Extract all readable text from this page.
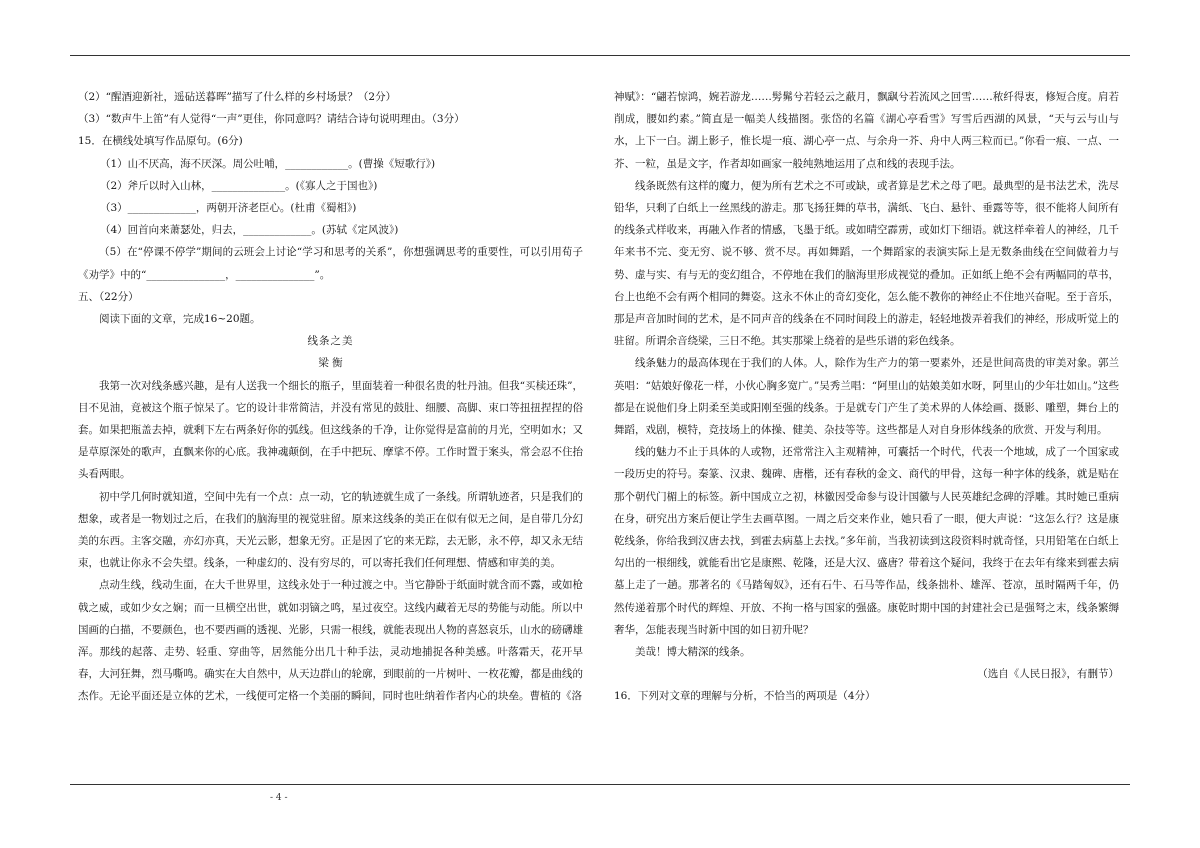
（2）“醒酒迎新社，遥砧送暮晖”描写了什么样的乡村场景？（2分）

（3）“数声牛上笛”有人觉得“一声”更佳，你同意吗？请结合诗句说明理由。（3分）

15．在横线处填写作品原句。(6分)

（1）山不厌高，海不厌深。周公吐哺，____________。(曹操《短歌行》)

（2）斧斤以时入山林，______________。(《寡人之于国也》)

（3）_____________，两朝开济老臣心。(杜甫《蜀相》)

（4）回首向来萧瑟处，归去，_____________。(苏轼《定风波》)

（5）在“停课不停学”期间的云班会上讨论“学习和思考的关系”，你想强调思考的重要性，可以引用荀子《劝学》中的“_______________，_______________”。

五、（22分）

阅读下面的文章，完成16~20题。

线条之美

梁 衡

我第一次对线条感兴趣，是有人送我一个细长的瓶子，里面装着一种很名贵的牡丹油。但我“买椟还珠”，目不见油，竟被这个瓶子惊呆了。它的设计非常简洁，并没有常见的鼓肚、细腰、高脚、束口等扭扭捏捏的俗套。如果把瓶盖去掉，就剩下左右两条好你的弧线。但这线条的千净，让你觉得是富前的月光，空明如水；又是草原深处的歌声，直飘来你的心底。我神魂颠倒，在手中把玩、摩挲不停。工作时置于案头，常会忍不住抬头看两眼。

初中学几何时就知道，空间中先有一个点：点一动，它的轨迹就生成了一条线。所谓轨迹者，只是我们的想象，或者是一物划过之后，在我们的脑海里的视觉驻留。原来这线条的美正在似有似无之间，是自带几分幻美的东西。主客交融，亦幻亦真，天光云影，想象无穷。正是因了它的来无踪，去无影，永不停，却又永无结束，也就让你永不会失望。线条，一种虚幻的、没有穷尽的，可以寄托我们任何理想、情感和审美的美。

点动生线，线动生面，在大千世界里，这线永处于一种过渡之中。当它静卧于纸面时就含而不露，或如枪戟之威，或如少女之娴；而一旦横空出世，就如羽镝之鸣，星过夜空。这线内藏着无尽的势能与动能。所以中国画的白描，不要颜色，也不要西画的透视、光影，只需一根线，就能表现出人物的喜怒哀乐，山水的磅礴雄浑。那线的起落、走势、轻重、穿曲等，居然能分出几十种手法，灵动地捕捉各种美感。叶落霜天，花开早春，大河狂舞，烈马嘶鸣。确实在大自然中，从天边群山的轮廓，到眼前的一片树叶、一枚花瓣，都是曲线的杰作。无论平面还是立体的艺术，一线便可定格一个美丽的瞬间，同时也吐纳着作者内心的块垒。曹植的《洛

神赋》：“翩若惊鸿，婉若游龙……髣髴兮若轻云之蔽月，飘飖兮若流风之回雪……秾纤得衷，修短合度。肩若削成，腰如约素。”简直是一幅美人线描图。张岱的名篇《湖心亭看雪》写雪后西湖的风景，“天与云与山与水，上下一白。湖上影子，惟长堤一痕、湖心亭一点、与余舟一芥、舟中人两三粒而已。”你看一痕、一点、一芥、一粒，虽是文字，作者却如画家一般纯熟地运用了点和线的表现手法。

线条既然有这样的魔力，便为所有艺术之不可或缺，或者算是艺术之母了吧。最典型的是书法艺术，洗尽铅华，只剩了白纸上一丝黑线的游走。那飞扬狂舞的草书，满纸、飞白、悬针、垂露等等，很不能将人间所有的线条式样收来，再融入作者的情感，飞墨于纸。或如晴空霹雳，或如灯下细语。就这样牵着人的神经，几千年来书不完、变无穷、说不够、赏不尽。再如舞蹈，一个舞蹈家的表演实际上是无数条曲线在空间做着力与势、虚与实、有与无的变幻组合，不停地在我们的脑海里形成视觉的叠加。正如纸上绝不会有两幅同的草书，台上也绝不会有两个相同的舞姿。这永不休止的奇幻变化，怎么能不教你的神经止不住地兴奋呢。至于音乐，那是声音加时间的艺术，是不同声音的线条在不同时间段上的游走，轻轻地拨弄着我们的神经，形成听觉上的驻留。所谓余音绕梁，三日不绝。其实那梁上绕着的是些乐谱的彩色线条。

线条魅力的最高体现在于我们的人体。人，除作为生产力的第一要素外，还是世间高贵的审美对象。郭兰英唱：“姑娘好像花一样，小伙心胸多宽广。”吴秀兰唱：“阿里山的姑娘美如水呀，阿里山的少年壮如山。”这些都是在说他们身上阴柔至美或阳刚至强的线条。于是就专门产生了美术界的人体绘画、摄影、雕塑，舞台上的舞蹈，戏剧，模特，竞技场上的体操、健美、杂技等等。这些都是人对自身形体线条的欣赏、开发与利用。

线的魅力不止于具体的人或物，还常常注入主观精神，可囊括一个时代，代表一个地域，成了一个国家或一段历史的符号。秦篆、汉隶、魏碑、唐楷，还有春秋的金文、商代的甲骨，这每一种字体的线条，就是贴在那个朝代门楣上的标签。新中国成立之初，林徽因受命参与设计国徽与人民英雄纪念碑的浮雕。其时她已重病在身，研究出方案后便让学生去画草图。一周之后交来作业，她只看了一眼，便大声说：“这怎么行？这是康乾线条，你给我到汉唐去找，到霍去病墓上去找。”多年前，当我初读到这段资料时就奇怪，只用铅笔在白纸上勾出的一根细线，就能看出它是康熙、乾隆，还是大汉、盛唐？带着这个疑问，我终于在去年有缘来到霍去病墓上走了一趟。那著名的《马踏匈奴》，还有石牛、石马等作品，线条拙朴、雄浑、苍凉，虽时隔两千年，仍然传递着那个时代的辉煌、开放、不拘一格与国家的强盛。康乾时期中国的封建社会已是强弩之末，线条繁缛奢华，怎能表现当时新中国的如日初升呢？

美哉！博大精深的线条。

（选自《人民日报》，有删节）

16．下列对文章的理解与分析，不恰当的两项是（4分）

- 4 -
